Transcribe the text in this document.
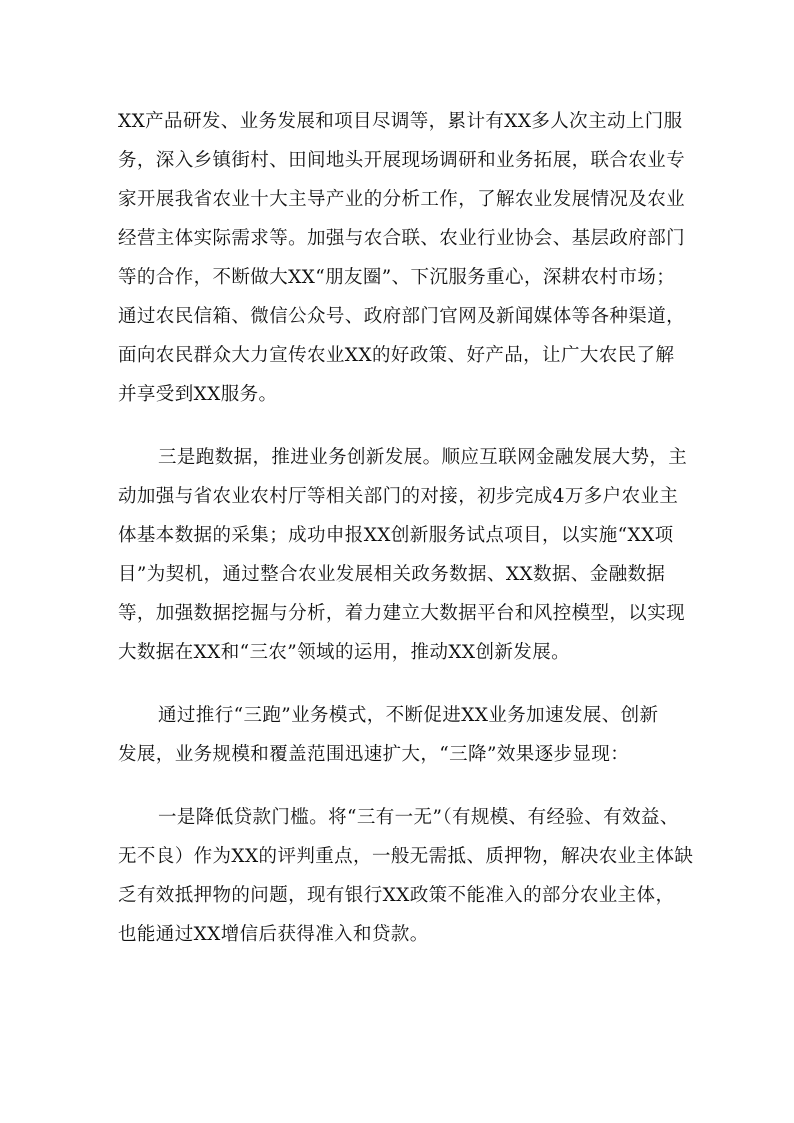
XX产品研发、业务发展和项目尽调等，累计有XX多人次主动上门服
务，深入乡镇街村、田间地头开展现场调研和业务拓展，联合农业专
家开展我省农业十大主导产业的分析工作，了解农业发展情况及农业
经营主体实际需求等。加强与农合联、农业行业协会、基层政府部门
等的合作，不断做大XX“朋友圈”、下沉服务重心，深耕农村市场；
通过农民信箱、微信公众号、政府部门官网及新闻媒体等各种渠道，
面向农民群众大力宣传农业XX的好政策、好产品，让广大农民了解
并享受到XX服务。
三是跑数据，推进业务创新发展。顺应互联网金融发展大势，主
动加强与省农业农村厅等相关部门的对接，初步完成4万多户农业主
体基本数据的采集；成功申报XX创新服务试点项目，以实施“XX项
目”为契机，通过整合农业发展相关政务数据、XX数据、金融数据
等，加强数据挖掘与分析，着力建立大数据平台和风控模型，以实现
大数据在XX和“三农”领域的运用，推动XX创新发展。
通过推行“三跑”业务模式，不断促进XX业务加速发展、创新
发展，业务规模和覆盖范围迅速扩大，“三降”效果逐步显现：
一是降低贷款门槛。将“三有一无”（有规模、有经验、有效益、
无不良）作为XX的评判重点，一般无需抵、质押物，解决农业主体缺
乏有效抵押物的问题，现有银行XX政策不能准入的部分农业主体，
也能通过XX增信后获得准入和贷款。
